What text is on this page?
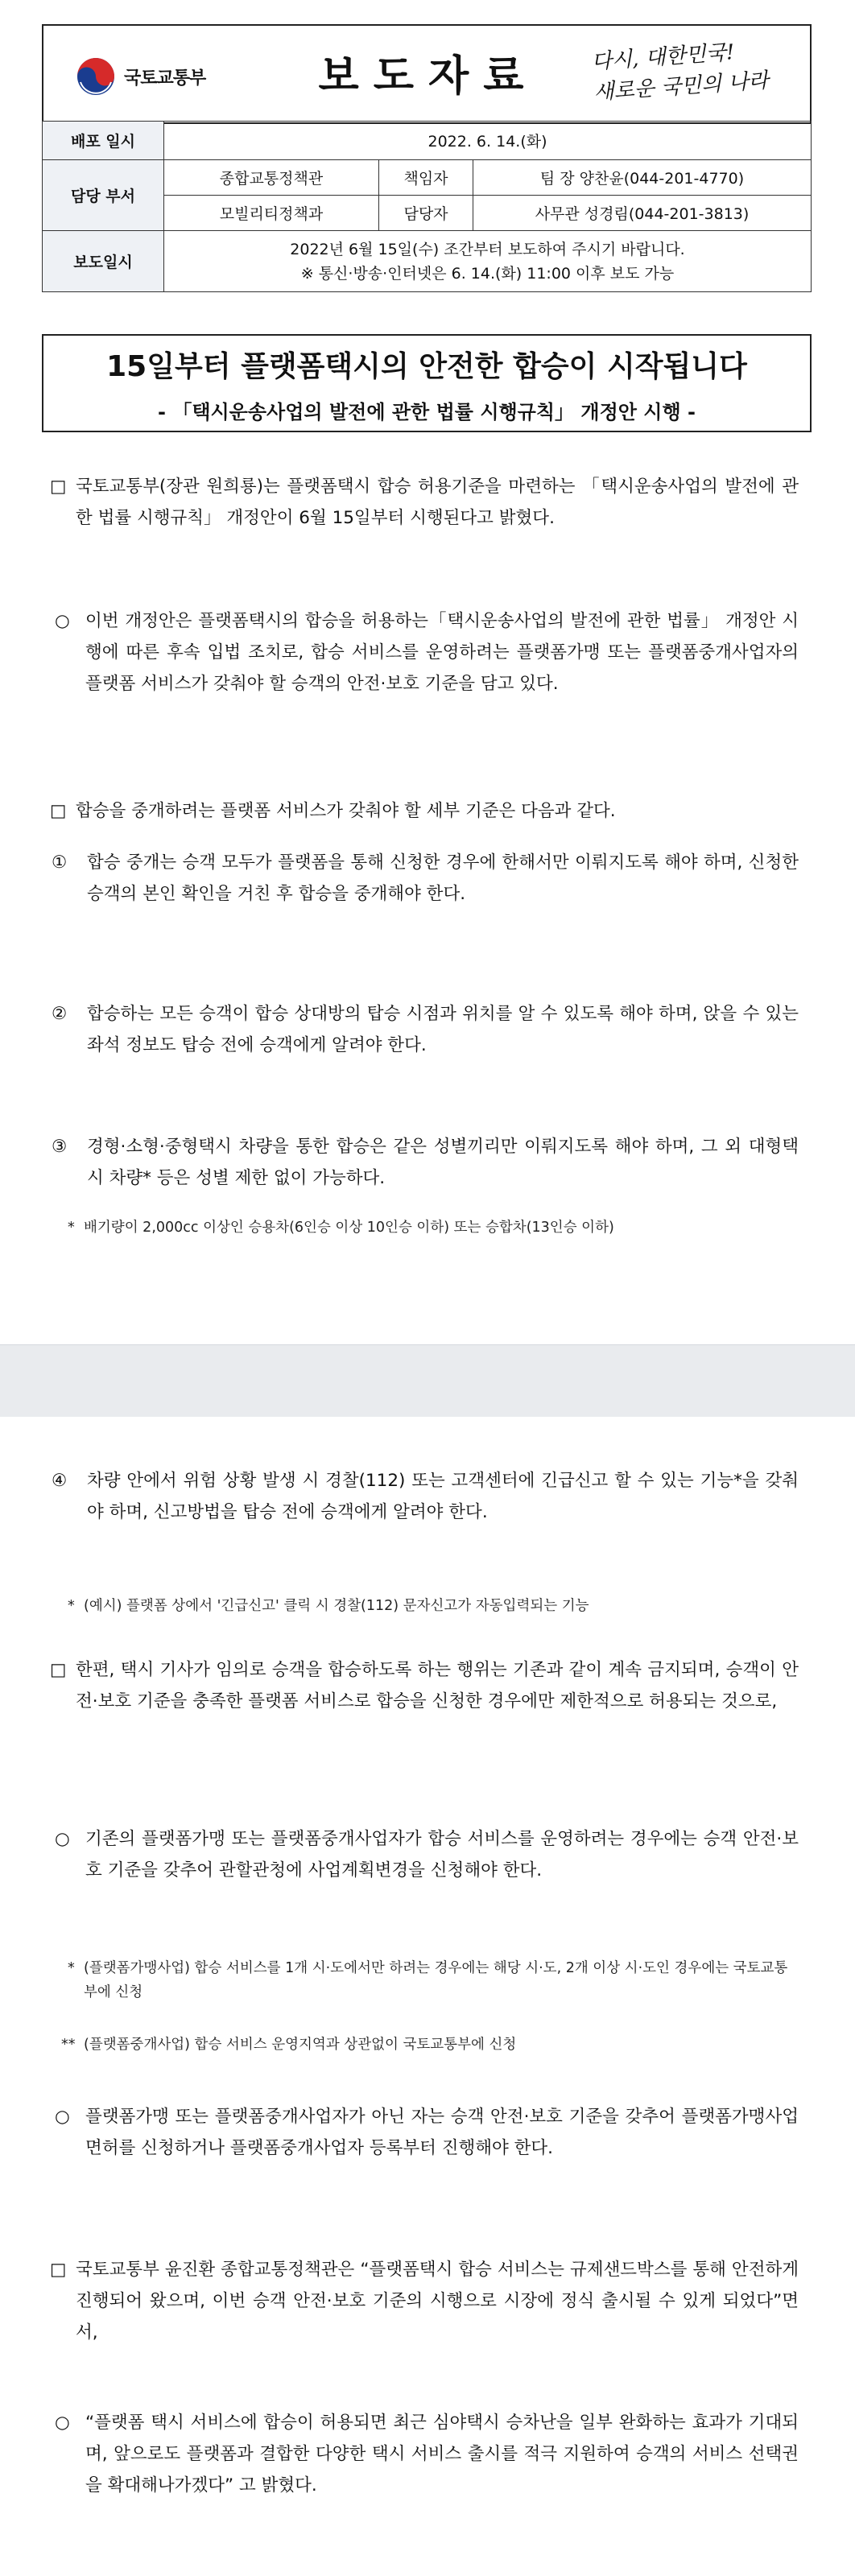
국토교통부	보도자료	다시, 대한민국!
새로운 국민의 나라
배포 일시	2022. 6. 14.(화)		
담당 부서	종합교통정책관	책임자	팀 장 양찬윤(044-201-4770)
	모빌리티정책과	담당자	사무관 성경림(044-201-3813)
보도일시	2022년 6월 15일(수) 조간부터 보도하여 주시기 바랍니다.
※ 통신·방송·인터넷은 6. 14.(화) 11:00 이후 보도 가능		
15일부터 플랫폼택시의 안전한 합승이 시작됩니다
- 「택시운송사업의 발전에 관한 법률 시행규칙」 개정안 시행 -
□ 국토교통부(장관 원희룡)는 플랫폼택시 합승 허용기준을 마련하는 「택시운송사업의 발전에 관한 법률 시행규칙」 개정안이 6월 15일부터 시행된다고 밝혔다.
○ 이번 개정안은 플랫폼택시의 합승을 허용하는「택시운송사업의 발전에 관한 법률」 개정안 시행에 따른 후속 입법 조치로, 합승 서비스를 운영하려는 플랫폼가맹 또는 플랫폼중개사업자의 플랫폼 서비스가 갖춰야 할 승객의 안전·보호 기준을 담고 있다.
□ 합승을 중개하려는 플랫폼 서비스가 갖춰야 할 세부 기준은 다음과 같다.
①	합승 중개는 승객 모두가 플랫폼을 통해 신청한 경우에 한해서만 이뤄지도록 해야 하며, 신청한 승객의 본인 확인을 거친 후 합승을 중개해야 한다.
②	합승하는 모든 승객이 합승 상대방의 탑승 시점과 위치를 알 수 있도록 해야 하며, 앉을 수 있는 좌석 정보도 탑승 전에 승객에게 알려야 한다.
③	경형·소형·중형택시 차량을 통한 합승은 같은 성별끼리만 이뤄지도록 해야 하며, 그 외 대형택시 차량* 등은 성별 제한 없이 가능하다.
* 배기량이 2,000cc 이상인 승용차(6인승 이상 10인승 이하) 또는 승합차(13인승 이하)
④	차량 안에서 위험 상황 발생 시 경찰(112) 또는 고객센터에 긴급신고 할 수 있는 기능*을 갖춰야 하며, 신고방법을 탑승 전에 승객에게 알려야 한다.
* (예시) 플랫폼 상에서 '긴급신고' 클릭 시 경찰(112) 문자신고가 자동입력되는 기능
□ 한편, 택시 기사가 임의로 승객을 합승하도록 하는 행위는 기존과 같이 계속 금지되며, 승객이 안전·보호 기준을 충족한 플랫폼 서비스로 합승을 신청한 경우에만 제한적으로 허용되는 것으로,
○ 기존의 플랫폼가맹 또는 플랫폼중개사업자가 합승 서비스를 운영하려는 경우에는 승객 안전·보호 기준을 갖추어 관할관청에 사업계획변경을 신청해야 한다.
* (플랫폼가맹사업) 합승 서비스를 1개 시·도에서만 하려는 경우에는 해당 시·도, 2개 이상 시·도인 경우에는 국토교통부에 신청
** (플랫폼중개사업) 합승 서비스 운영지역과 상관없이 국토교통부에 신청
○ 플랫폼가맹 또는 플랫폼중개사업자가 아닌 자는 승객 안전·보호 기준을 갖추어 플랫폼가맹사업 면허를 신청하거나 플랫폼중개사업자 등록부터 진행해야 한다.
□ 국토교통부 윤진환 종합교통정책관은 “플랫폼택시 합승 서비스는 규제샌드박스를 통해 안전하게 진행되어 왔으며, 이번 승객 안전·보호 기준의 시행으로 시장에 정식 출시될 수 있게 되었다”면서,
○ “플랫폼 택시 서비스에 합승이 허용되면 최근 심야택시 승차난을 일부 완화하는 효과가 기대되며, 앞으로도 플랫폼과 결합한 다양한 택시 서비스 출시를 적극 지원하여 승객의 서비스 선택권을 확대해나가겠다” 고 밝혔다.
